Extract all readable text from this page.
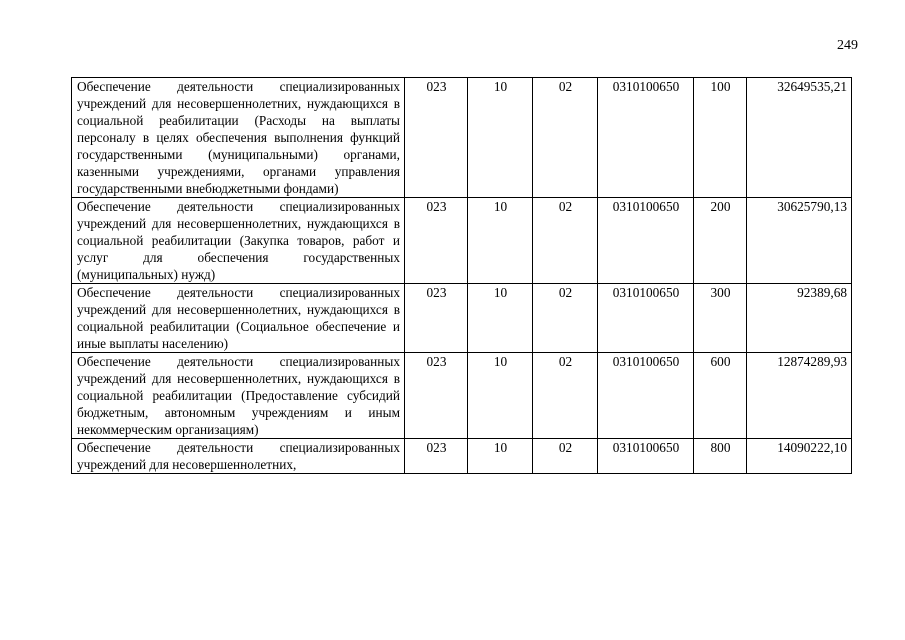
249
Обеспечение деятельности специализированных учреждений для несовершеннолетних, нуждающихся в социальной реабилитации (Расходы на выплаты персоналу в целях обеспечения выполнения функций государственными (муниципальными) органами, казенными учреждениями, органами управления государственными внебюджетными фондами)	023	10	02	0310100650	100	32649535,21
Обеспечение деятельности специализированных учреждений для несовершеннолетних, нуждающихся в социальной реабилитации (Закупка товаров, работ и услуг для обеспечения государственных (муниципальных) нужд)	023	10	02	0310100650	200	30625790,13
Обеспечение деятельности специализированных учреждений для несовершеннолетних, нуждающихся в социальной реабилитации (Социальное обеспечение и иные выплаты населению)	023	10	02	0310100650	300	92389,68
Обеспечение деятельности специализированных учреждений для несовершеннолетних, нуждающихся в социальной реабилитации (Предоставление субсидий бюджетным, автономным учреждениям и иным некоммерческим организациям)	023	10	02	0310100650	600	12874289,93
Обеспечение деятельности специализированных учреждений для несовершеннолетних,	023	10	02	0310100650	800	14090222,10
